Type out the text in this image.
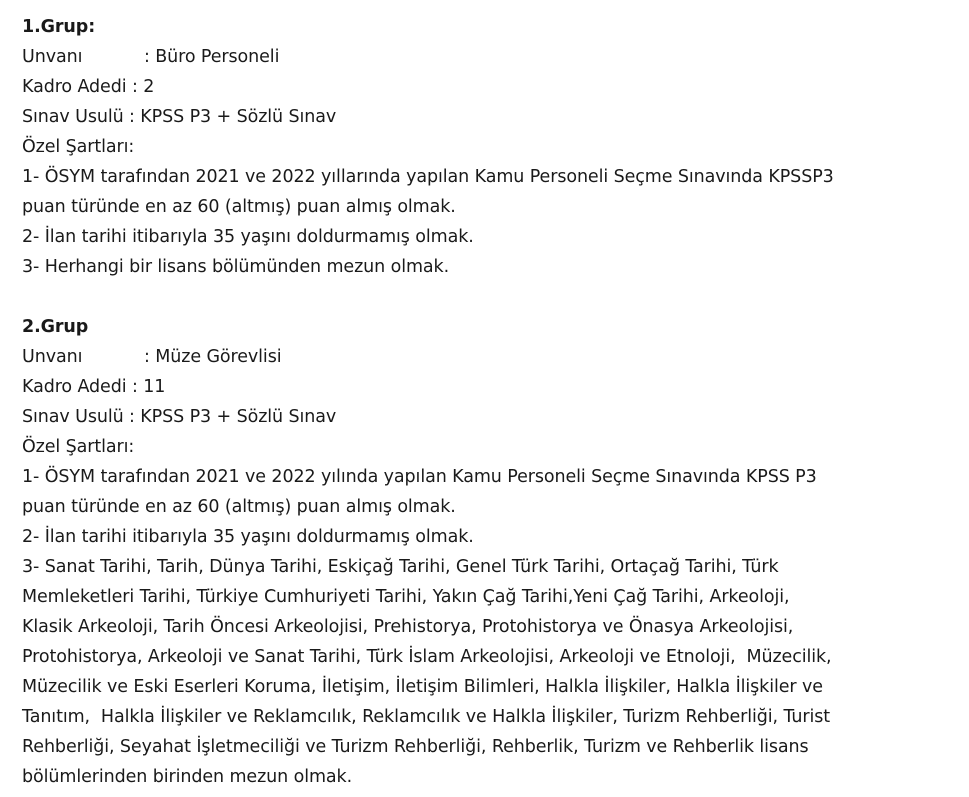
1.Grup:
Unvanı	: Büro Personeli
Kadro Adedi : 2
Sınav Usulü : KPSS P3 + Sözlü Sınav
Özel Şartları:
1- ÖSYM tarafından 2021 ve 2022 yıllarında yapılan Kamu Personeli Seçme Sınavında KPSSP3
puan türünde en az 60 (altmış) puan almış olmak.
2- İlan tarihi itibarıyla 35 yaşını doldurmamış olmak.
3- Herhangi bir lisans bölümünden mezun olmak.
2.Grup
Unvanı	: Müze Görevlisi
Kadro Adedi : 11
Sınav Usulü : KPSS P3 + Sözlü Sınav
Özel Şartları:
1- ÖSYM tarafından 2021 ve 2022 yılında yapılan Kamu Personeli Seçme Sınavında KPSS P3
puan türünde en az 60 (altmış) puan almış olmak.
2- İlan tarihi itibarıyla 35 yaşını doldurmamış olmak.
3- Sanat Tarihi, Tarih, Dünya Tarihi, Eskiçağ Tarihi, Genel Türk Tarihi, Ortaçağ Tarihi, Türk
Memleketleri Tarihi, Türkiye Cumhuriyeti Tarihi, Yakın Çağ Tarihi,Yeni Çağ Tarihi, Arkeoloji,
Klasik Arkeoloji, Tarih Öncesi Arkeolojisi, Prehistorya, Protohistorya ve Önasya Arkeolojisi,
Protohistorya, Arkeoloji ve Sanat Tarihi, Türk İslam Arkeolojisi, Arkeoloji ve Etnoloji,  Müzecilik,
Müzecilik ve Eski Eserleri Koruma, İletişim, İletişim Bilimleri, Halkla İlişkiler, Halkla İlişkiler ve
Tanıtım,  Halkla İlişkiler ve Reklamcılık, Reklamcılık ve Halkla İlişkiler, Turizm Rehberliği, Turist
Rehberliği, Seyahat İşletmeciliği ve Turizm Rehberliği, Rehberlik, Turizm ve Rehberlik lisans
bölümlerinden birinden mezun olmak.
